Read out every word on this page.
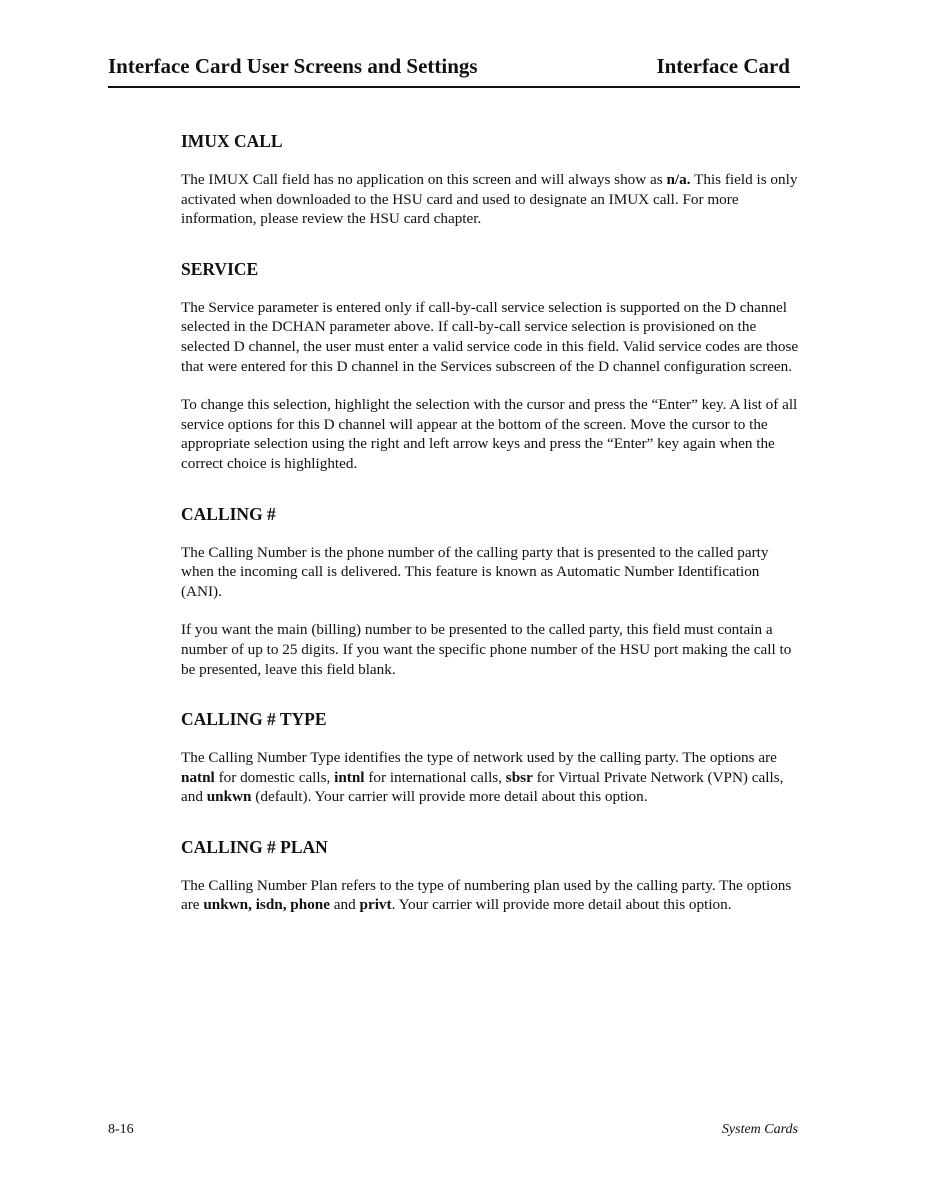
Interface Card User Screens and Settings	Interface Card
IMUX CALL

The IMUX Call field has no application on this screen and will always show as n/a. This field is only activated when downloaded to the HSU card and used to designate an IMUX call. For more information, please review the HSU card chapter.

SERVICE

The Service parameter is entered only if call-by-call service selection is supported on the D channel selected in the DCHAN parameter above. If call-by-call service selection is provisioned on the selected D channel, the user must enter a valid service code in this field. Valid service codes are those that were entered for this D channel in the Services subscreen of the D channel configuration screen.

To change this selection, highlight the selection with the cursor and press the “Enter” key. A list of all service options for this D channel will appear at the bottom of the screen. Move the cursor to the appropriate selection using the right and left arrow keys and press the “Enter” key again when the correct choice is highlighted.

CALLING #

The Calling Number is the phone number of the calling party that is presented to the called party when the incoming call is delivered. This feature is known as Automatic Number Identification (ANI).

If you want the main (billing) number to be presented to the called party, this field must contain a number of up to 25 digits. If you want the specific phone number of the HSU port making the call to be presented, leave this field blank.

CALLING # TYPE

The Calling Number Type identifies the type of network used by the calling party. The options are natnl for domestic calls, intnl for international calls, sbsr for Virtual Private Network (VPN) calls, and unkwn (default). Your carrier will provide more detail about this option.

CALLING # PLAN

The Calling Number Plan refers to the type of numbering plan used by the calling party. The options are unkwn, isdn, phone and privt. Your carrier will provide more detail about this option.

8-16	System Cards
